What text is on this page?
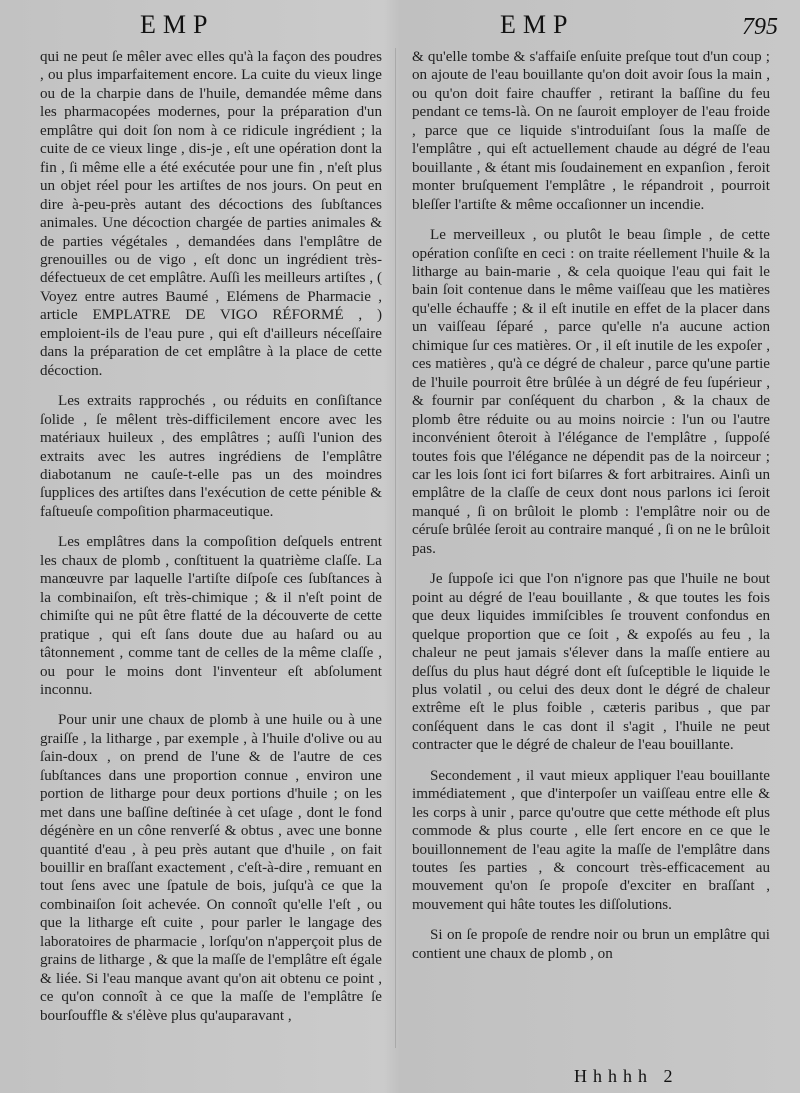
EMP	EMP	795

qui ne peut ſe mêler avec elles qu'à la façon des poudres , ou plus imparfaitement encore. La cuite du vieux linge ou de la charpie dans de l'huile, demandée même dans les pharmacopées modernes, pour la préparation d'un emplâtre qui doit ſon nom à ce ridicule ingrédient ; la cuite de ce vieux linge , dis-je , eſt une opération dont la fin , ſi même elle a été exécutée pour une fin , n'eſt plus un objet réel pour les artiſtes de nos jours. On peut en dire à-peu-près autant des décoctions des ſubſtances animales. Une décoction chargée de parties animales & de parties végétales , demandées dans l'emplâtre de grenouilles ou de vigo , eſt donc un ingrédient très-défectueux de cet emplâtre. Auſſi les meilleurs artiſtes , ( Voyez entre autres Baumé , Elémens de Pharmacie , article EMPLATRE DE VIGO RÉFORMÉ , ) emploient-ils de l'eau pure , qui eſt d'ailleurs néceſſaire dans la préparation de cet emplâtre à la place de cette décoction.

Les extraits rapprochés , ou réduits en conſiſtance ſolide , ſe mêlent très-difficilement encore avec les matériaux huileux , des emplâtres ; auſſi l'union des extraits avec les autres ingrédiens de l'emplâtre diabotanum ne cauſe-t-elle pas un des moindres ſupplices des artiſtes dans l'exécution de cette pénible & faſtueuſe compoſition pharmaceutique.

Les emplâtres dans la compoſition deſquels entrent les chaux de plomb , conſtituent la quatrième claſſe. La manœuvre par laquelle l'artiſte diſpoſe ces ſubſtances à la combinaiſon, eſt très-chimique ; & il n'eſt point de chimiſte qui ne pût être flatté de la découverte de cette pratique , qui eſt ſans doute due au haſard ou au tâtonnement , comme tant de celles de la même claſſe , ou pour le moins dont l'inventeur eſt abſolument inconnu.

Pour unir une chaux de plomb à une huile ou à une graiſſe , la litharge , par exemple , à l'huile d'olive ou au ſain-doux , on prend de l'une & de l'autre de ces ſubſtances dans une proportion connue , environ une portion de litharge pour deux portions d'huile ; on les met dans une baſſine deſtinée à cet uſage , dont le fond dégénère en un cône renverſé & obtus , avec une bonne quantité d'eau , à peu près autant que d'huile , on fait bouillir en braſſant exactement , c'eſt-à-dire , remuant en tout ſens avec une ſpatule de bois, juſqu'à ce que la combinaiſon ſoit achevée. On connoît qu'elle l'eſt , ou que la litharge eſt cuite , pour parler le langage des laboratoires de pharmacie , lorſqu'on n'apperçoit plus de grains de litharge , & que la maſſe de l'emplâtre eſt égale & liée. Si l'eau manque avant qu'on ait obtenu ce point , ce qu'on connoît à ce que la maſſe de l'emplâtre ſe bourſouffle & s'élève plus qu'auparavant ,

& qu'elle tombe & s'affaiſe enſuite preſque tout d'un coup ; on ajoute de l'eau bouillante qu'on doit avoir ſous la main , ou qu'on doit faire chauffer , retirant la baſſine du feu pendant ce tems-là. On ne ſauroit employer de l'eau froide , parce que ce liquide s'introduiſant ſous la maſſe de l'emplâtre , qui eſt actuellement chaude au dégré de l'eau bouillante , & étant mis ſoudainement en expanſion , feroit monter bruſquement l'emplâtre , le répandroit , pourroit bleſſer l'artiſte & même occaſionner un incendie.

Le merveilleux , ou plutôt le beau ſimple , de cette opération conſiſte en ceci : on traite réellement l'huile & la litharge au bain-marie , & cela quoique l'eau qui fait le bain ſoit contenue dans le même vaiſſeau que les matières qu'elle échauffe ; & il eſt inutile en effet de la placer dans un vaiſſeau ſéparé , parce qu'elle n'a aucune action chimique ſur ces matières. Or , il eſt inutile de les expoſer , ces matières , qu'à ce dégré de chaleur , parce qu'une partie de l'huile pourroit être brûlée à un dégré de feu ſupérieur , & fournir par conſéquent du charbon , & la chaux de plomb être réduite ou au moins noircie : l'un ou l'autre inconvénient ôteroit à l'élégance de l'emplâtre , ſuppoſé toutes fois que l'élégance ne dépendit pas de la noirceur ; car les lois ſont ici fort biſarres & fort arbitraires. Ainſi un emplâtre de la claſſe de ceux dont nous parlons ici ſeroit manqué , ſi on brûloit le plomb : l'emplâtre noir ou de céruſe brûlée ſeroit au contraire manqué , ſi on ne le brûloit pas.

Je ſuppoſe ici que l'on n'ignore pas que l'huile ne bout point au dégré de l'eau bouillante , & que toutes les fois que deux liquides immiſcibles ſe trouvent confondus en quelque proportion que ce ſoit , & expoſés au feu , la chaleur ne peut jamais s'élever dans la maſſe entiere au deſſus du plus haut dégré dont eſt ſuſceptible le liquide le plus volatil , ou celui des deux dont le dégré de chaleur extrême eſt le plus foible , cæteris paribus , que par conſéquent dans le cas dont il s'agit , l'huile ne peut contracter que le dégré de chaleur de l'eau bouillante.

Secondement , il vaut mieux appliquer l'eau bouillante immédiatement , que d'interpoſer un vaiſſeau entre elle & les corps à unir , parce qu'outre que cette méthode eſt plus commode & plus courte , elle ſert encore en ce que le bouillonnement de l'eau agite la maſſe de l'emplâtre dans toutes ſes parties , & concourt très-efficacement au mouvement qu'on ſe propoſe d'exciter en braſſant , mouvement qui hâte toutes les diſſolutions.

Si on ſe propoſe de rendre noir ou brun un emplâtre qui contient une chaux de plomb , on

Hhhhh 2
